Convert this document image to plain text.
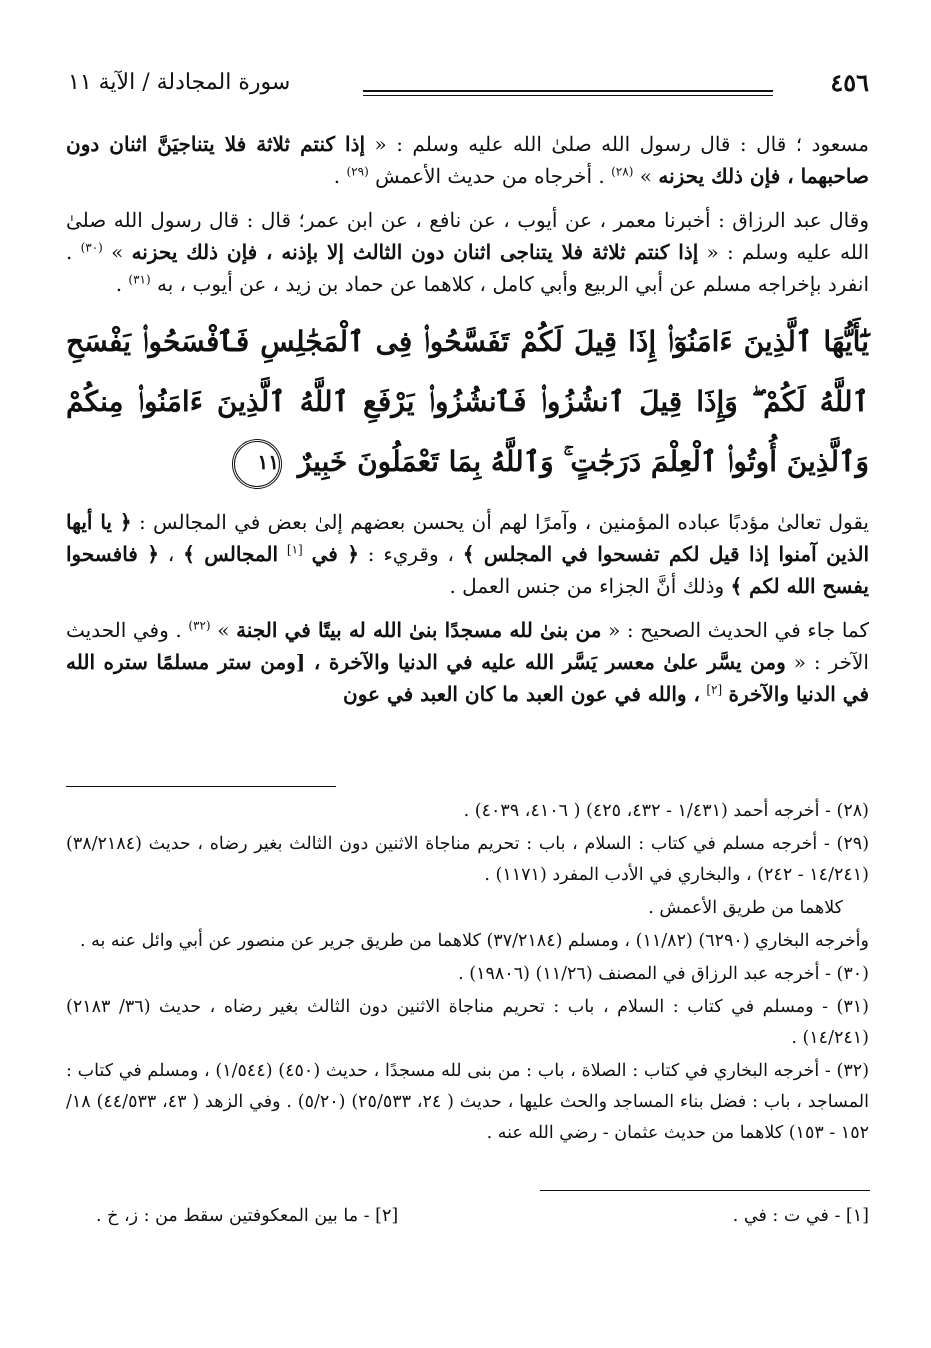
٤٥٦
سورة المجادلة / الآية ١١

مسعود ؛ قال : قال رسول الله صلىٰ الله عليه وسلم : « إذا كنتم ثلاثة فلا يتناجيَنَّ اثنان دون صاحبهما ، فإن ذلك يحزنه » $^{(٢٨)}$ . أخرجاه من حديث الأعمش $^{(٢٩)}$ .

وقال عبد الرزاق : أخبرنا معمر ، عن أيوب ، عن نافع ، عن ابن عمر؛ قال : قال رسول الله صلىٰ الله عليه وسلم : « إذا كنتم ثلاثة فلا يتناجى اثنان دون الثالث إلا بإذنه ، فإن ذلك يحزنه » $^{(٣٠)}$ . انفرد بإخراجه مسلم عن أبي الربيع وأبي كامل ، كلاهما عن حماد بن زيد ، عن أيوب ، به $^{(٣١)}$ .

يَٰٓأَيُّهَا ٱلَّذِينَ ءَامَنُوٓا۟ إِذَا قِيلَ لَكُمْ تَفَسَّحُوا۟ فِى ٱلْمَجَٰلِسِ فَٱفْسَحُوا۟ يَفْسَحِ ٱللَّهُ لَكُمْ ۖ وَإِذَا قِيلَ ٱنشُزُوا۟ فَٱنشُزُوا۟ يَرْفَعِ ٱللَّهُ ٱلَّذِينَ ءَامَنُوا۟ مِنكُمْ وَٱلَّذِينَ أُوتُوا۟ ٱلْعِلْمَ دَرَجَٰتٍ ۚ وَٱللَّهُ بِمَا تَعْمَلُونَ خَبِيرٌ ١١

يقول تعالىٰ مؤدبًا عباده المؤمنين ، وآمرًا لهم أن يحسن بعضهم إلىٰ بعض في المجالس : ﴿ يا أيها الذين آمنوا إذا قيل لكم تفسحوا في المجلس ﴾ ، وقريء : ﴿ في [١] المجالس ﴾ ، ﴿ فافسحوا يفسح الله لكم ﴾ وذلك أنَّ الجزاء من جنس العمل .

كما جاء في الحديث الصحيح : « من بنىٰ لله مسجدًا بنىٰ الله له بيتًا في الجنة » $^{(٣٢)}$ . وفي الحديث الآخر : « ومن يسَّر علىٰ معسر يَسَّر الله عليه في الدنيا والآخرة ، [ومن ستر مسلمًا ستره الله في الدنيا والآخرة [٢] ، والله في عون العبد ما كان العبد في عون

(٢٨) - أخرجه أحمد (١/٤٣١ - ٤٣٢، ٤٢٥) ( ٤١٠٦، ٤٠٣٩) .

(٢٩) - أخرجه مسلم في كتاب : السلام ، باب : تحريم مناجاة الاثنين دون الثالث بغير رضاه ، حديث (٣٨/٢١٨٤) (١٤/٢٤١ - ٢٤٢) ، والبخاري في الأدب المفرد (١١٧١) .

كلاهما من طريق الأعمش .

وأخرجه البخاري (٦٢٩٠) (١١/٨٢) ، ومسلم (٣٧/٢١٨٤) كلاهما من طريق جرير عن منصور عن أبي وائل عنه به .

(٣٠) - أخرجه عبد الرزاق في المصنف (١١/٢٦) (١٩٨٠٦) .

(٣١) - ومسلم في كتاب : السلام ، باب : تحريم مناجاة الاثنين دون الثالث بغير رضاه ، حديث (٣٦/ ٢١٨٣) (١٤/٢٤١) .

(٣٢) - أخرجه البخاري في كتاب : الصلاة ، باب : من بنى لله مسجدًا ، حديث (٤٥٠) (١/٥٤٤) ، ومسلم في كتاب : المساجد ، باب : فضل بناء المساجد والحث عليها ، حديث ( ٢٤، ٢٥/٥٣٣) (٥/٢٠) . وفي الزهد ( ٤٣، ٤٤/٥٣٣) ١٨/ ١٥٢ - ١٥٣) كلاهما من حديث عثمان - رضي الله عنه .

[١] - في ت : في .
[٢] - ما بين المعكوفتين سقط من : ز، خ .
